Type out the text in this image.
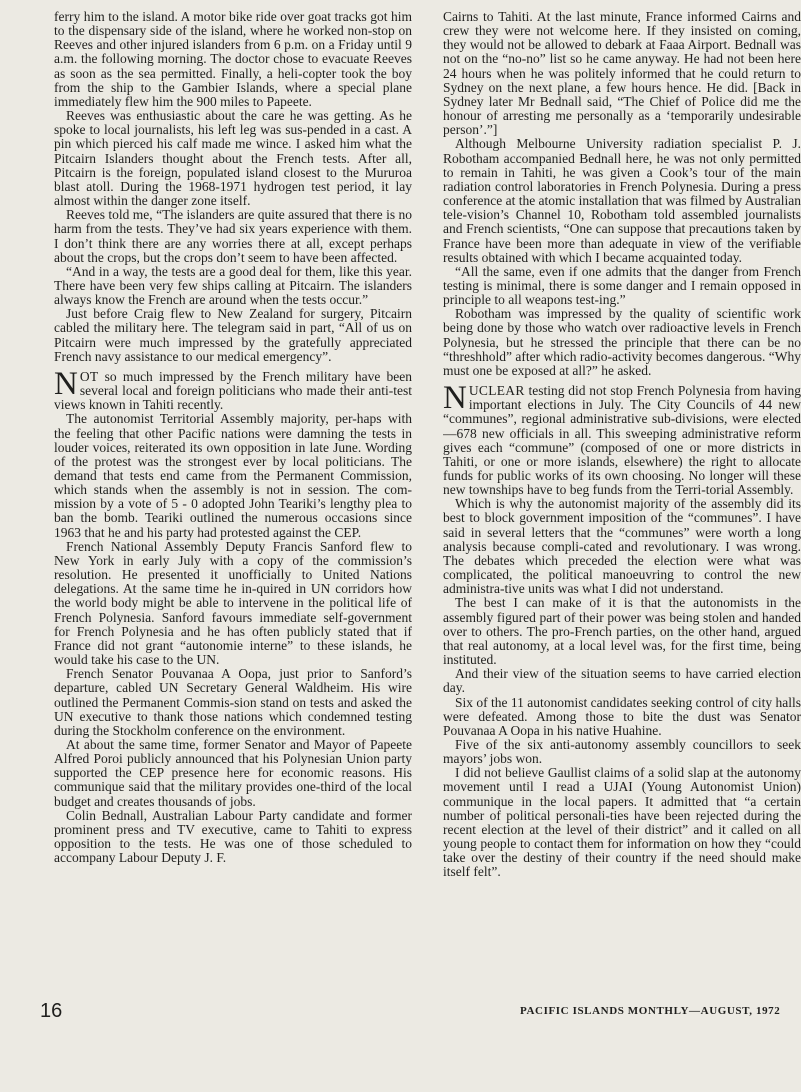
ferry him to the island. A motor bike ride over goat tracks got him to the dispensary side of the island, where he worked non-stop on Reeves and other injured islanders from 6 p.m. on a Friday until 9 a.m. the following morning. The doctor chose to evacuate Reeves as soon as the sea permitted. Finally, a heli-copter took the boy from the ship to the Gambier Islands, where a special plane immediately flew him the 900 miles to Papeete.

Reeves was enthusiastic about the care he was getting. As he spoke to local journalists, his left leg was sus-pended in a cast. A pin which pierced his calf made me wince. I asked him what the Pitcairn Islanders thought about the French tests. After all, Pitcairn is the foreign, populated island closest to the Mururoa blast atoll. During the 1968-1971 hydrogen test period, it lay almost within the danger zone itself.

Reeves told me, “The islanders are quite assured that there is no harm from the tests. They’ve had six years experience with them. I don’t think there are any worries there at all, except perhaps about the crops, but the crops don’t seem to have been affected.

“And in a way, the tests are a good deal for them, like this year. There have been very few ships calling at Pitcairn. The islanders always know the French are around when the tests occur.”

Just before Craig flew to New Zealand for surgery, Pitcairn cabled the military here. The telegram said in part, “All of us on Pitcairn were much impressed by the gratefully appreciated French navy assistance to our medical emergency”.

NOT so much impressed by the French military have been several local and foreign politicians who made their anti-test views known in Tahiti recently.

The autonomist Territorial Assembly majority, per-haps with the feeling that other Pacific nations were damning the tests in louder voices, reiterated its own opposition in late June. Wording of the protest was the strongest ever by local politicians. The demand that tests end came from the Permanent Commission, which stands when the assembly is not in session. The com-mission by a vote of 5 - 0 adopted John Teariki’s lengthy plea to ban the bomb. Teariki outlined the numerous occasions since 1963 that he and his party had protested against the CEP.

French National Assembly Deputy Francis Sanford flew to New York in early July with a copy of the commission’s resolution. He presented it unofficially to United Nations delegations. At the same time he in-quired in UN corridors how the world body might be able to intervene in the political life of French Polynesia. Sanford favours immediate self-government for French Polynesia and he has often publicly stated that if France did not grant “autonomie interne” to these islands, he would take his case to the UN.

French Senator Pouvanaa A Oopa, just prior to Sanford’s departure, cabled UN Secretary General Waldheim. His wire outlined the Permanent Commis-sion stand on tests and asked the UN executive to thank those nations which condemned testing during the Stockholm conference on the environment.

At about the same time, former Senator and Mayor of Papeete Alfred Poroi publicly announced that his Polynesian Union party supported the CEP presence here for economic reasons. His communique said that the military provides one-third of the local budget and creates thousands of jobs.

Colin Bednall, Australian Labour Party candidate and former prominent press and TV executive, came to Tahiti to express opposition to the tests. He was one of those scheduled to accompany Labour Deputy J. F.

Cairns to Tahiti. At the last minute, France informed Cairns and crew they were not welcome here. If they insisted on coming, they would not be allowed to debark at Faaa Airport. Bednall was not on the “no-no” list so he came anyway. He had not been here 24 hours when he was politely informed that he could return to Sydney on the next plane, a few hours hence. He did. [Back in Sydney later Mr Bednall said, “The Chief of Police did me the honour of arresting me personally as a ‘temporarily undesirable person’.”]

Although Melbourne University radiation specialist P. J. Robotham accompanied Bednall here, he was not only permitted to remain in Tahiti, he was given a Cook’s tour of the main radiation control laboratories in French Polynesia. During a press conference at the atomic installation that was filmed by Australian tele-vision’s Channel 10, Robotham told assembled journalists and French scientists, “One can suppose that precautions taken by France have been more than adequate in view of the verifiable results obtained with which I became acquainted today.

“All the same, even if one admits that the danger from French testing is minimal, there is some danger and I remain opposed in principle to all weapons test-ing.”

Robotham was impressed by the quality of scientific work being done by those who watch over radioactive levels in French Polynesia, but he stressed the principle that there can be no “threshhold” after which radio-activity becomes dangerous. “Why must one be exposed at all?” he asked.

NUCLEAR testing did not stop French Polynesia from having important elections in July. The City Councils of 44 new “communes”, regional administrative sub-divisions, were elected—678 new officials in all. This sweeping administrative reform gives each “commune” (composed of one or more districts in Tahiti, or one or more islands, elsewhere) the right to allocate funds for public works of its own choosing. No longer will these new townships have to beg funds from the Terri-torial Assembly.

Which is why the autonomist majority of the assembly did its best to block government imposition of the “communes”. I have said in several letters that the “communes” were worth a long analysis because compli-cated and revolutionary. I was wrong. The debates which preceded the election were what was complicated, the political manoeuvring to control the new administra-tive units was what I did not understand.

The best I can make of it is that the autonomists in the assembly figured part of their power was being stolen and handed over to others. The pro-French parties, on the other hand, argued that real autonomy, at a local level was, for the first time, being instituted.

And their view of the situation seems to have carried election day.

Six of the 11 autonomist candidates seeking control of city halls were defeated. Among those to bite the dust was Senator Pouvanaa A Oopa in his native Huahine.

Five of the six anti-autonomy assembly councillors to seek mayors’ jobs won.

I did not believe Gaullist claims of a solid slap at the autonomy movement until I read a UJAI (Young Autonomist Union) communique in the local papers. It admitted that “a certain number of political personali-ties have been rejected during the recent election at the level of their district” and it called on all young people to contact them for information on how they “could take over the destiny of their country if the need should make itself felt”.

16	PACIFIC ISLANDS MONTHLY—AUGUST, 1972
